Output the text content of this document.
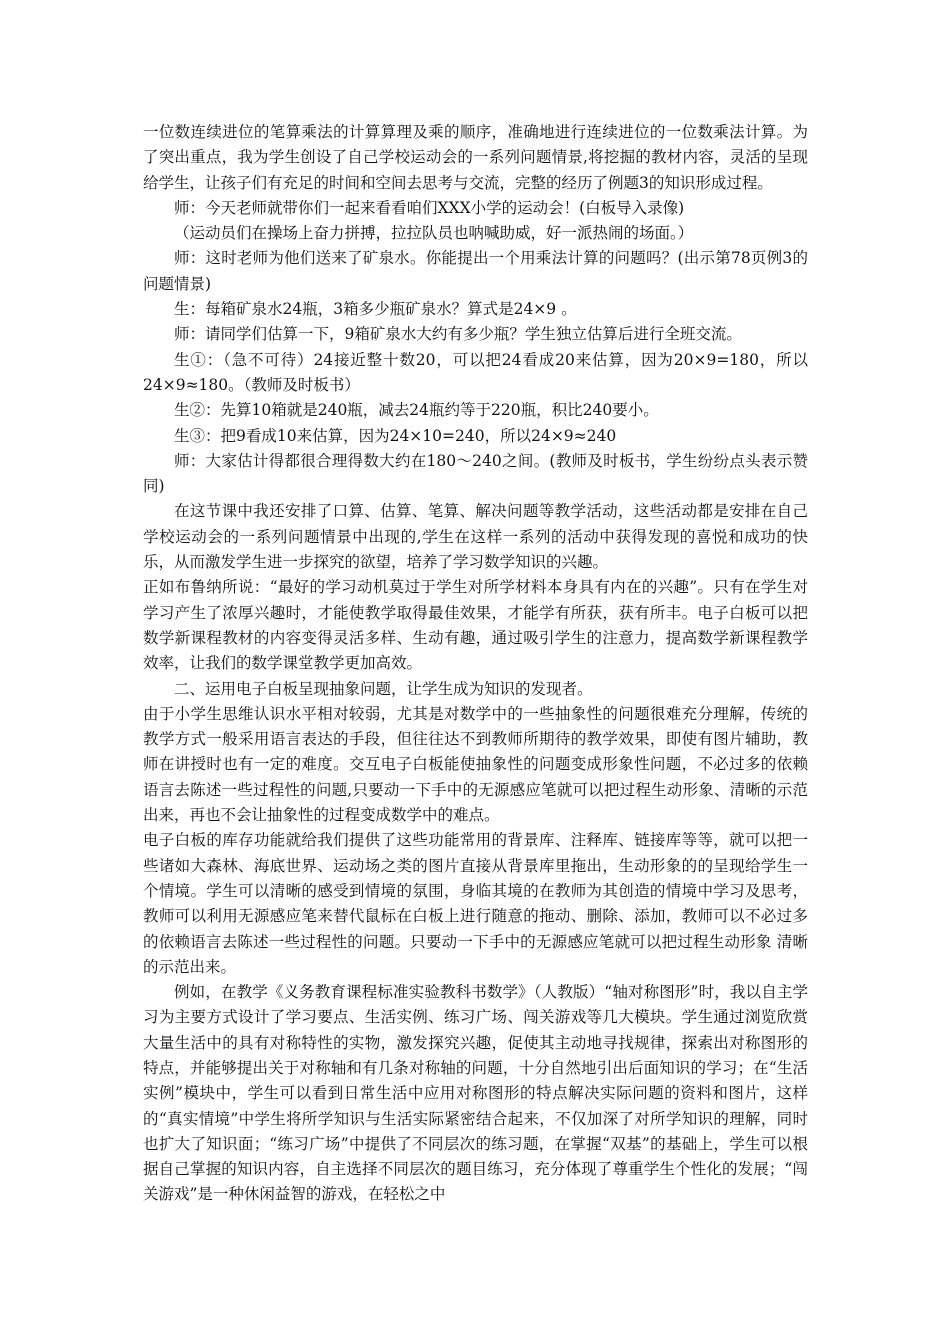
一位数连续进位的笔算乘法的计算算理及乘的顺序，准确地进行连续进位的一位数乘法计算。为了突出重点，我为学生创设了自己学校运动会的一系列问题情景,将挖掘的教材内容，灵活的呈现给学生，让孩子们有充足的时间和空间去思考与交流，完整的经历了例题3的知识形成过程。

师：今天老师就带你们一起来看看咱们XXX小学的运动会！(白板导入录像)

（运动员们在操场上奋力拼搏，拉拉队员也呐喊助威，好一派热闹的场面。）

师：这时老师为他们送来了矿泉水。你能提出一个用乘法计算的问题吗？(出示第78页例3的问题情景)

生：每箱矿泉水24瓶，3箱多少瓶矿泉水？算式是24×9 。

师：请同学们估算一下，9箱矿泉水大约有多少瓶？学生独立估算后进行全班交流。

生①：（急不可待）24接近整十数20，可以把24看成20来估算，因为20×9=180，所以24×9≈180。（教师及时板书）

生②：先算10箱就是240瓶，减去24瓶约等于220瓶，积比240要小。

生③：把9看成10来估算，因为24×10=240，所以24×9≈240

师：大家估计得都很合理得数大约在180～240之间。(教师及时板书，学生纷纷点头表示赞同)

在这节课中我还安排了口算、估算、笔算、解决问题等教学活动，这些活动都是安排在自己学校运动会的一系列问题情景中出现的,学生在这样一系列的活动中获得发现的喜悦和成功的快乐，从而激发学生进一步探究的欲望，培养了学习数学知识的兴趣。

正如布鲁纳所说：“最好的学习动机莫过于学生对所学材料本身具有内在的兴趣”。只有在学生对学习产生了浓厚兴趣时，才能使教学取得最佳效果，才能学有所获，获有所丰。电子白板可以把数学新课程教材的内容变得灵活多样、生动有趣，通过吸引学生的注意力，提高数学新课程教学效率，让我们的数学课堂教学更加高效。

二、运用电子白板呈现抽象问题，让学生成为知识的发现者。

由于小学生思维认识水平相对较弱，尤其是对数学中的一些抽象性的问题很难充分理解，传统的教学方式一般采用语言表达的手段，但往往达不到教师所期待的教学效果，即使有图片辅助，教师在讲授时也有一定的难度。交互电子白板能使抽象性的问题变成形象性问题，不必过多的依赖语言去陈述一些过程性的问题,只要动一下手中的无源感应笔就可以把过程生动形象、清晰的示范出来，再也不会让抽象性的过程变成数学中的难点。

电子白板的库存功能就给我们提供了这些功能常用的背景库、注释库、链接库等等，就可以把一些诸如大森林、海底世界、运动场之类的图片直接从背景库里拖出，生动形象的的呈现给学生一个情境。学生可以清晰的感受到情境的氛围，身临其境的在教师为其创造的情境中学习及思考，教师可以利用无源感应笔来替代鼠标在白板上进行随意的拖动、删除、添加，教师可以不必过多的依赖语言去陈述一些过程性的问题。只要动一下手中的无源感应笔就可以把过程生动形象 清晰的示范出来。

例如，在教学《义务教育课程标准实验教科书数学》（人教版）“轴对称图形”时，我以自主学习为主要方式设计了学习要点、生活实例、练习广场、闯关游戏等几大模块。学生通过浏览欣赏大量生活中的具有对称特性的实物，激发探究兴趣，促使其主动地寻找规律，探索出对称图形的特点，并能够提出关于对称轴和有几条对称轴的问题，十分自然地引出后面知识的学习；在“生活实例”模块中，学生可以看到日常生活中应用对称图形的特点解决实际问题的资料和图片，这样的“真实情境”中学生将所学知识与生活实际紧密结合起来，不仅加深了对所学知识的理解，同时也扩大了知识面；“练习广场”中提供了不同层次的练习题，在掌握“双基”的基础上，学生可以根据自己掌握的知识内容，自主选择不同层次的题目练习，充分体现了尊重学生个性化的发展；“闯关游戏”是一种休闲益智的游戏，在轻松之中
